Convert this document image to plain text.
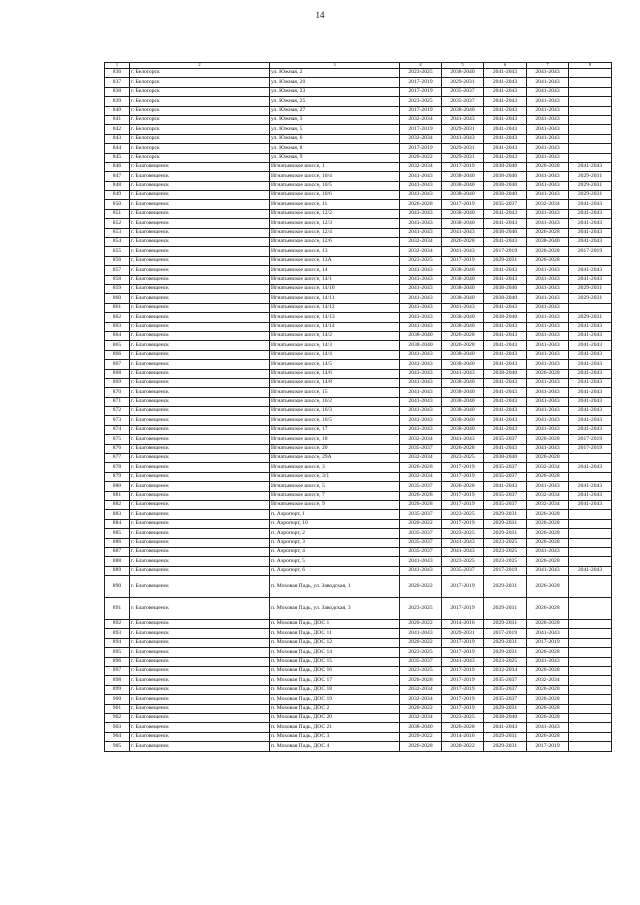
14
1	2	3	4	5	6	7	8
836	г. Белогорск	ул. Южная, 2	2023-2025	2038-2040	2041-2043	2041-2043	
837	г. Белогорск	ул. Южная, 20	2017-2019	2029-2031	2041-2043	2041-2043	
838	г. Белогорск	ул. Южная, 23	2017-2019	2035-2037	2041-2043	2041-2043	
839	г. Белогорск	ул. Южная, 25	2023-2025	2035-2037	2041-2043	2041-2043	
840	г. Белогорск	ул. Южная, 27	2017-2019	2038-2040	2041-2043	2041-2043	
841	г. Белогорск	ул. Южная, 3	2032-2034	2041-2043	2041-2043	2041-2043	
842	г. Белогорск	ул. Южная, 5	2017-2019	2029-2031	2041-2043	2041-2043	
843	г. Белогорск	ул. Южная, 6	2032-2034	2041-2043	2041-2043	2041-2043	
844	г. Белогорск	ул. Южная, 8	2017-2019	2029-2031	2041-2043	2041-2043	
845	г. Белогорск	ул. Южная, 9	2020-2022	2029-2031	2041-2043	2041-2043	
846	г. Благовещенск	Игнатьевское шоссе, 1	2032-2034	2017-2019	2038-2040	2026-2028	2041-2043
847	г. Благовещенск	Игнатьевское шоссе, 10/4	2041-2043	2038-2040	2038-2040	2041-2043	2029-2031
848	г. Благовещенск	Игнатьевское шоссе, 10/5	2041-2043	2038-2040	2038-2040	2041-2043	2029-2031
849	г. Благовещенск	Игнатьевское шоссе, 10/6	2041-2043	2038-2040	2038-2040	2041-2043	2029-2031
850	г. Благовещенск	Игнатьевское шоссе, 11	2026-2028	2017-2019	2035-2037	2032-2034	2041-2043
851	г. Благовещенск	Игнатьевское шоссе, 12/2	2041-2043	2038-2040	2041-2043	2041-2043	2041-2043
852	г. Благовещенск	Игнатьевское шоссе, 12/3	2041-2043	2038-2040	2041-2043	2041-2043	2041-2043
853	г. Благовещенск	Игнатьевское шоссе, 12/4	2041-2043	2041-2043	2038-2040	2026-2028	2041-2043
854	г. Благовещенск	Игнатьевское шоссе, 12/6	2032-2034	2026-2028	2041-2043	2038-2040	2041-2043
855	г. Благовещенск	Игнатьевское шоссе, 13	2032-2034	2041-2043	2017-2019	2026-2028	2017-2019
856	г. Благовещенск	Игнатьевское шоссе, 13А	2023-2025	2017-2019	2029-2031	2026-2028	
857	г. Благовещенск	Игнатьевское шоссе, 14	2041-2043	2038-2040	2041-2043	2041-2043	2041-2043
858	г. Благовещенск	Игнатьевское шоссе, 14/1	2041-2043	2038-2040	2041-2043	2041-2043	2041-2043
859	г. Благовещенск	Игнатьевское шоссе, 14/10	2041-2043	2038-2040	2038-2040	2041-2043	2029-2031
860	г. Благовещенск	Игнатьевское шоссе, 14/11	2041-2043	2038-2040	2038-2040	2041-2043	2029-2031
861	г. Благовещенск	Игнатьевское шоссе, 14/12	2041-2043	2041-2043	2041-2043	2041-2043	
862	г. Благовещенск	Игнатьевское шоссе, 14/13	2041-2043	2038-2040	2038-2040	2041-2043	2029-2031
863	г. Благовещенск	Игнатьевское шоссе, 14/14	2041-2043	2038-2040	2041-2043	2041-2043	2041-2043
864	г. Благовещенск	Игнатьевское шоссе, 14/2	2038-2040	2026-2028	2041-2043	2041-2043	2041-2043
865	г. Благовещенск	Игнатьевское шоссе, 14/3	2038-2040	2026-2028	2041-2043	2041-2043	2041-2043
866	г. Благовещенск	Игнатьевское шоссе, 14/4	2041-2043	2038-2040	2041-2043	2041-2043	2041-2043
867	г. Благовещенск	Игнатьевское шоссе, 14/5	2041-2043	2038-2040	2041-2043	2041-2043	2041-2043
868	г. Благовещенск	Игнатьевское шоссе, 14/6	2041-2043	2041-2043	2038-2040	2026-2028	2041-2043
869	г. Благовещенск	Игнатьевское шоссе, 14/8	2041-2043	2038-2040	2041-2043	2041-2043	2041-2043
870	г. Благовещенск	Игнатьевское шоссе, 15	2041-2043	2038-2040	2041-2043	2041-2043	2041-2043
871	г. Благовещенск	Игнатьевское шоссе, 16/2	2041-2043	2038-2040	2041-2043	2041-2043	2041-2043
872	г. Благовещенск	Игнатьевское шоссе, 16/3	2041-2043	2038-2040	2041-2043	2041-2043	2041-2043
873	г. Благовещенск	Игнатьевское шоссе, 16/5	2041-2043	2038-2040	2041-2043	2041-2043	2041-2043
874	г. Благовещенск	Игнатьевское шоссе, 17	2041-2043	2038-2040	2041-2043	2041-2043	2041-2043
875	г. Благовещенск	Игнатьевское шоссе, 18	2032-2034	2041-2043	2035-2037	2026-2028	2017-2019
876	г. Благовещенск	Игнатьевское шоссе, 20	2035-2037	2026-2028	2041-2043	2041-2043	2017-2019
877	г. Благовещенск	Игнатьевское шоссе, 29А	2032-2034	2023-2025	2038-2040	2026-2028	
878	г. Благовещенск	Игнатьевское шоссе, 3	2026-2028	2017-2019	2035-2037	2032-2034	2041-2043
879	г. Благовещенск	Игнатьевское шоссе, 3/1	2032-2034	2017-2019	2035-2037	2026-2028	
880	г. Благовещенск	Игнатьевское шоссе, 5	2035-2037	2026-2028	2041-2043	2041-2043	2041-2043
881	г. Благовещенск	Игнатьевское шоссе, 7	2026-2028	2017-2019	2035-2037	2032-2034	2041-2043
882	г. Благовещенск	Игнатьевское шоссе, 9	2026-2028	2017-2019	2035-2037	2032-2034	2041-2043
883	г. Благовещенск	п. Аэропорт, 1	2035-2037	2023-2025	2029-2031	2026-2028	
884	г. Благовещенск	п. Аэропорт, 10	2020-2022	2017-2019	2029-2031	2026-2028	
885	г. Благовещенск	п. Аэропорт, 2	2035-2037	2023-2025	2029-2031	2026-2028	
886	г. Благовещенск	п. Аэропорт, 3	2035-2037	2041-2043	2023-2025	2026-2028	
887	г. Благовещенск	п. Аэропорт, 4	2035-2037	2041-2043	2023-2025	2041-2043	
888	г. Благовещенск	п. Аэропорт, 5	2041-2043	2023-2025	2023-2025	2026-2028	
889	г. Благовещенск	п. Аэропорт, 6	2041-2043	2035-2037	2017-2019	2041-2043	2041-2043
890	г. Благовещенск	п. Моховая Падь, ул. Заводская, 1	2020-2022	2017-2019	2029-2031	2026-2028	
891	г. Благовещенск	п. Моховая Падь, ул. Заводская, 3	2023-2025	2017-2019	2029-2031	2026-2028	
892	г. Благовещенск	п. Моховая Падь, ДОС 1	2020-2022	2014-2016	2029-2031	2026-2028	
893	г. Благовещенск	п. Моховая Падь, ДОС 11	2041-2043	2029-2031	2017-2019	2041-2043	
894	г. Благовещенск	п. Моховая Падь, ДОС 12	2020-2022	2017-2019	2029-2031	2017-2019	
895	г. Благовещенск	п. Моховая Падь, ДОС 14	2023-2025	2017-2019	2029-2031	2026-2028	
896	г. Благовещенск	п. Моховая Падь, ДОС 15	2035-2037	2041-2043	2023-2025	2041-2043	
897	г. Благовещенск	п. Моховая Падь, ДОС 16	2023-2025	2017-2019	2032-2034	2026-2028	
898	г. Благовещенск	п. Моховая Падь, ДОС 17	2026-2028	2017-2019	2035-2037	2032-2034	
899	г. Благовещенск	п. Моховая Падь, ДОС 18	2032-2034	2017-2019	2035-2037	2026-2028	
900	г. Благовещенск	п. Моховая Падь, ДОС 19	2032-2034	2017-2019	2035-2037	2026-2028	
901	г. Благовещенск	п. Моховая Падь, ДОС 2	2020-2022	2017-2019	2029-2031	2026-2028	
902	г. Благовещенск	п. Моховая Падь, ДОС 20	2032-2034	2023-2025	2038-2040	2026-2028	
903	г. Благовещенск	п. Моховая Падь, ДОС 21	2038-2040	2026-2028	2041-2043	2041-2043	
904	г. Благовещенск	п. Моховая Падь, ДОС 3	2020-2022	2014-2016	2029-2031	2026-2028	
905	г. Благовещенск	п. Моховая Падь, ДОС 4	2026-2028	2020-2022	2029-2031	2017-2019	
